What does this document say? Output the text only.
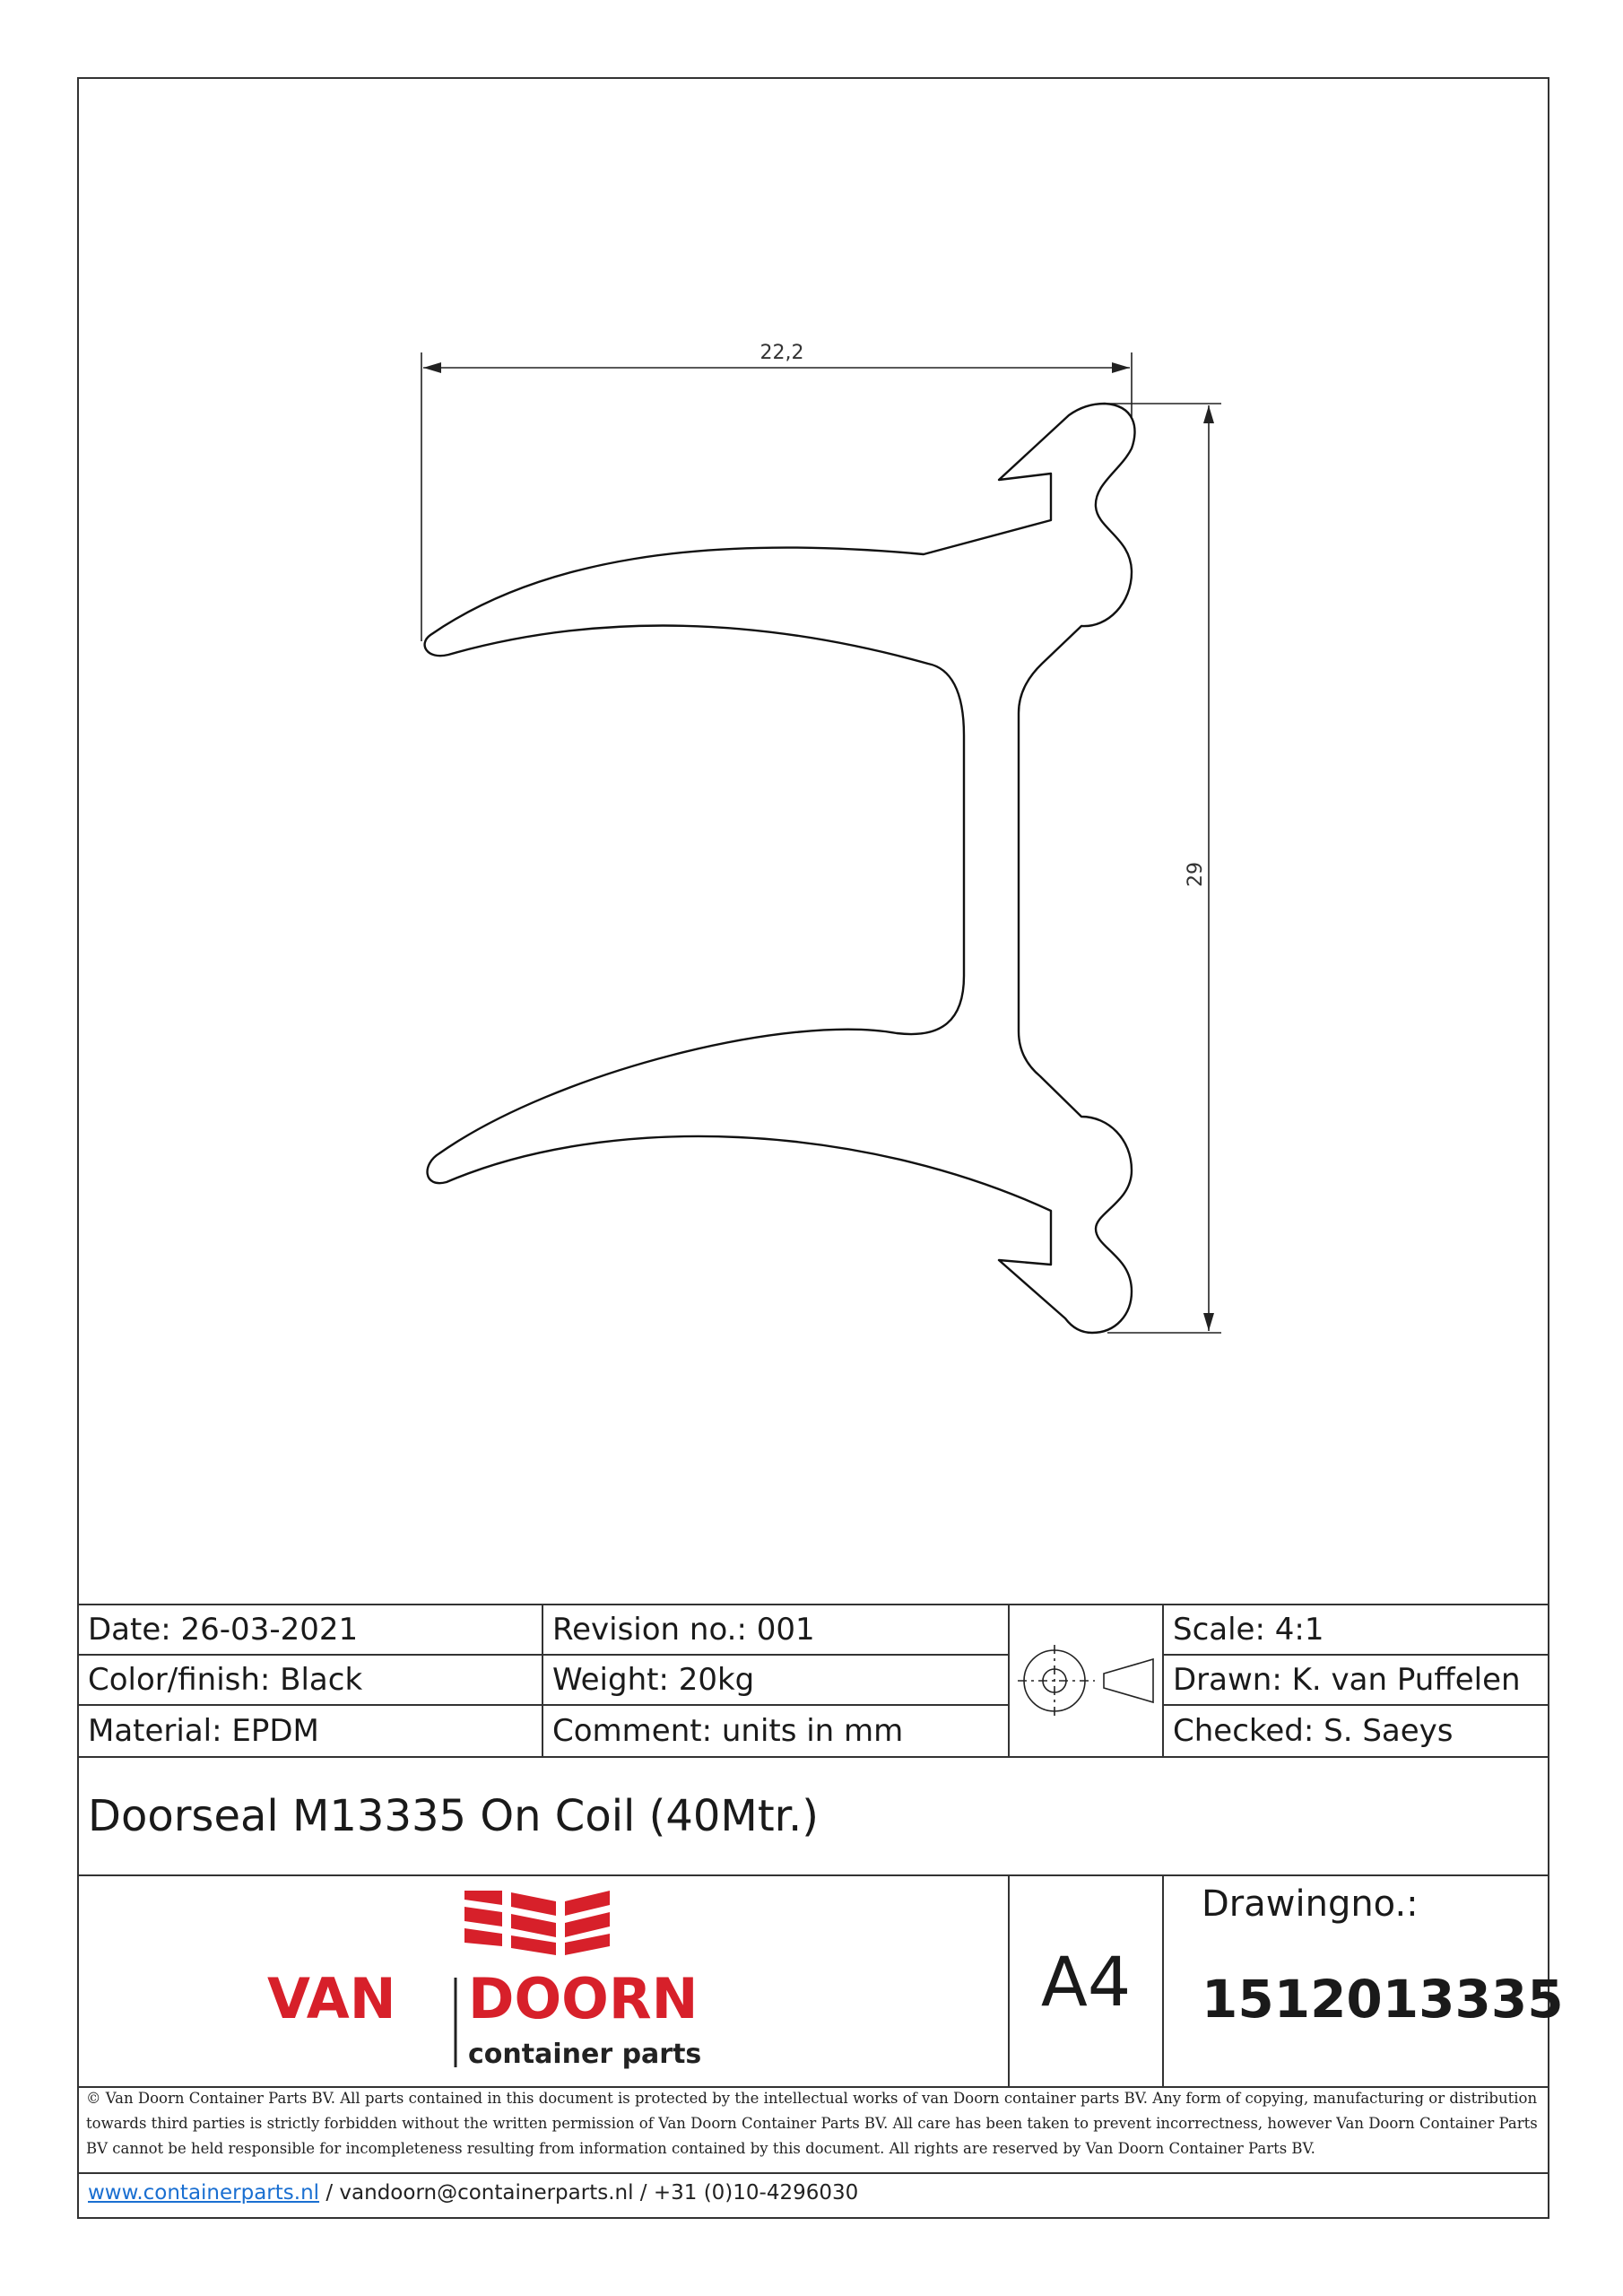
22,2
29
Date: 26-03-2021
Color/finish: Black
Material: EPDM
Revision no.: 001
Weight: 20kg
Comment: units in mm
Scale: 4:1
Drawn: K. van Puffelen
Checked: S. Saeys
Doorseal M13335 On Coil (40Mtr.)
A4
Drawingno.:
1512013335
VAN DOORN
container parts
© Van Doorn Container Parts BV. All parts contained in this document is protected by the intellectual works of van Doorn container parts BV. Any form of copying, manufacturing or distribution towards third parties is strictly forbidden without the written permission of Van Doorn Container Parts BV. All care has been taken to prevent incorrectness, however Van Doorn Container Parts BV cannot be held responsible for incompleteness resulting from information contained by this document. All rights are reserved by Van Doorn Container Parts BV.
www.containerparts.nl / vandoorn@containerparts.nl / +31 (0)10-4296030
